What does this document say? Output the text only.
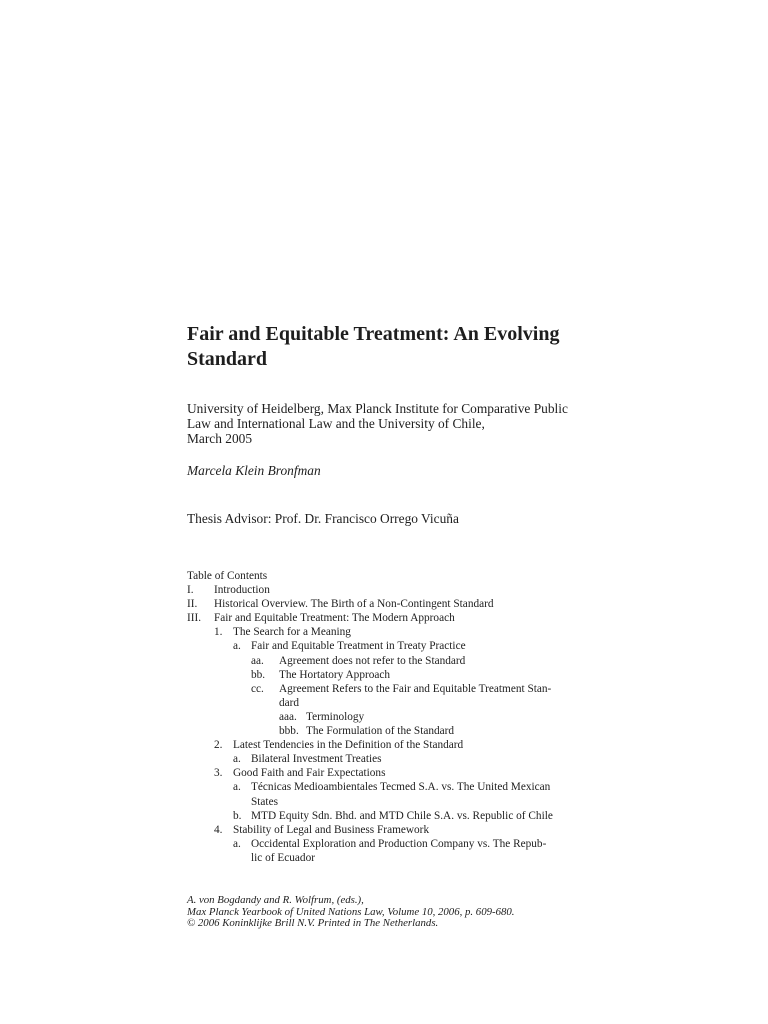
Fair and Equitable Treatment: An Evolving
Standard
University of Heidelberg, Max Planck Institute for Comparative Public
Law and International Law and the University of Chile,
March 2005
Marcela Klein Bronfman
Thesis Advisor: Prof. Dr. Francisco Orrego Vicuña
Table of Contents
I. Introduction
II. Historical Overview. The Birth of a Non-Contingent Standard
III. Fair and Equitable Treatment: The Modern Approach
1. The Search for a Meaning
a. Fair and Equitable Treatment in Treaty Practice
aa. Agreement does not refer to the Standard
bb. The Hortatory Approach
cc. Agreement Refers to the Fair and Equitable Treatment Stan-
dard
aaa. Terminology
bbb. The Formulation of the Standard
2. Latest Tendencies in the Definition of the Standard
a. Bilateral Investment Treaties
3. Good Faith and Fair Expectations
a. Técnicas Medioambientales Tecmed S.A. vs. The United Mexican
States
b. MTD Equity Sdn. Bhd. and MTD Chile S.A. vs. Republic of Chile
4. Stability of Legal and Business Framework
a. Occidental Exploration and Production Company vs. The Repub-
lic of Ecuador
A. von Bogdandy and R. Wolfrum, (eds.),
Max Planck Yearbook of United Nations Law, Volume 10, 2006, p. 609-680.
© 2006 Koninklijke Brill N.V. Printed in The Netherlands.
